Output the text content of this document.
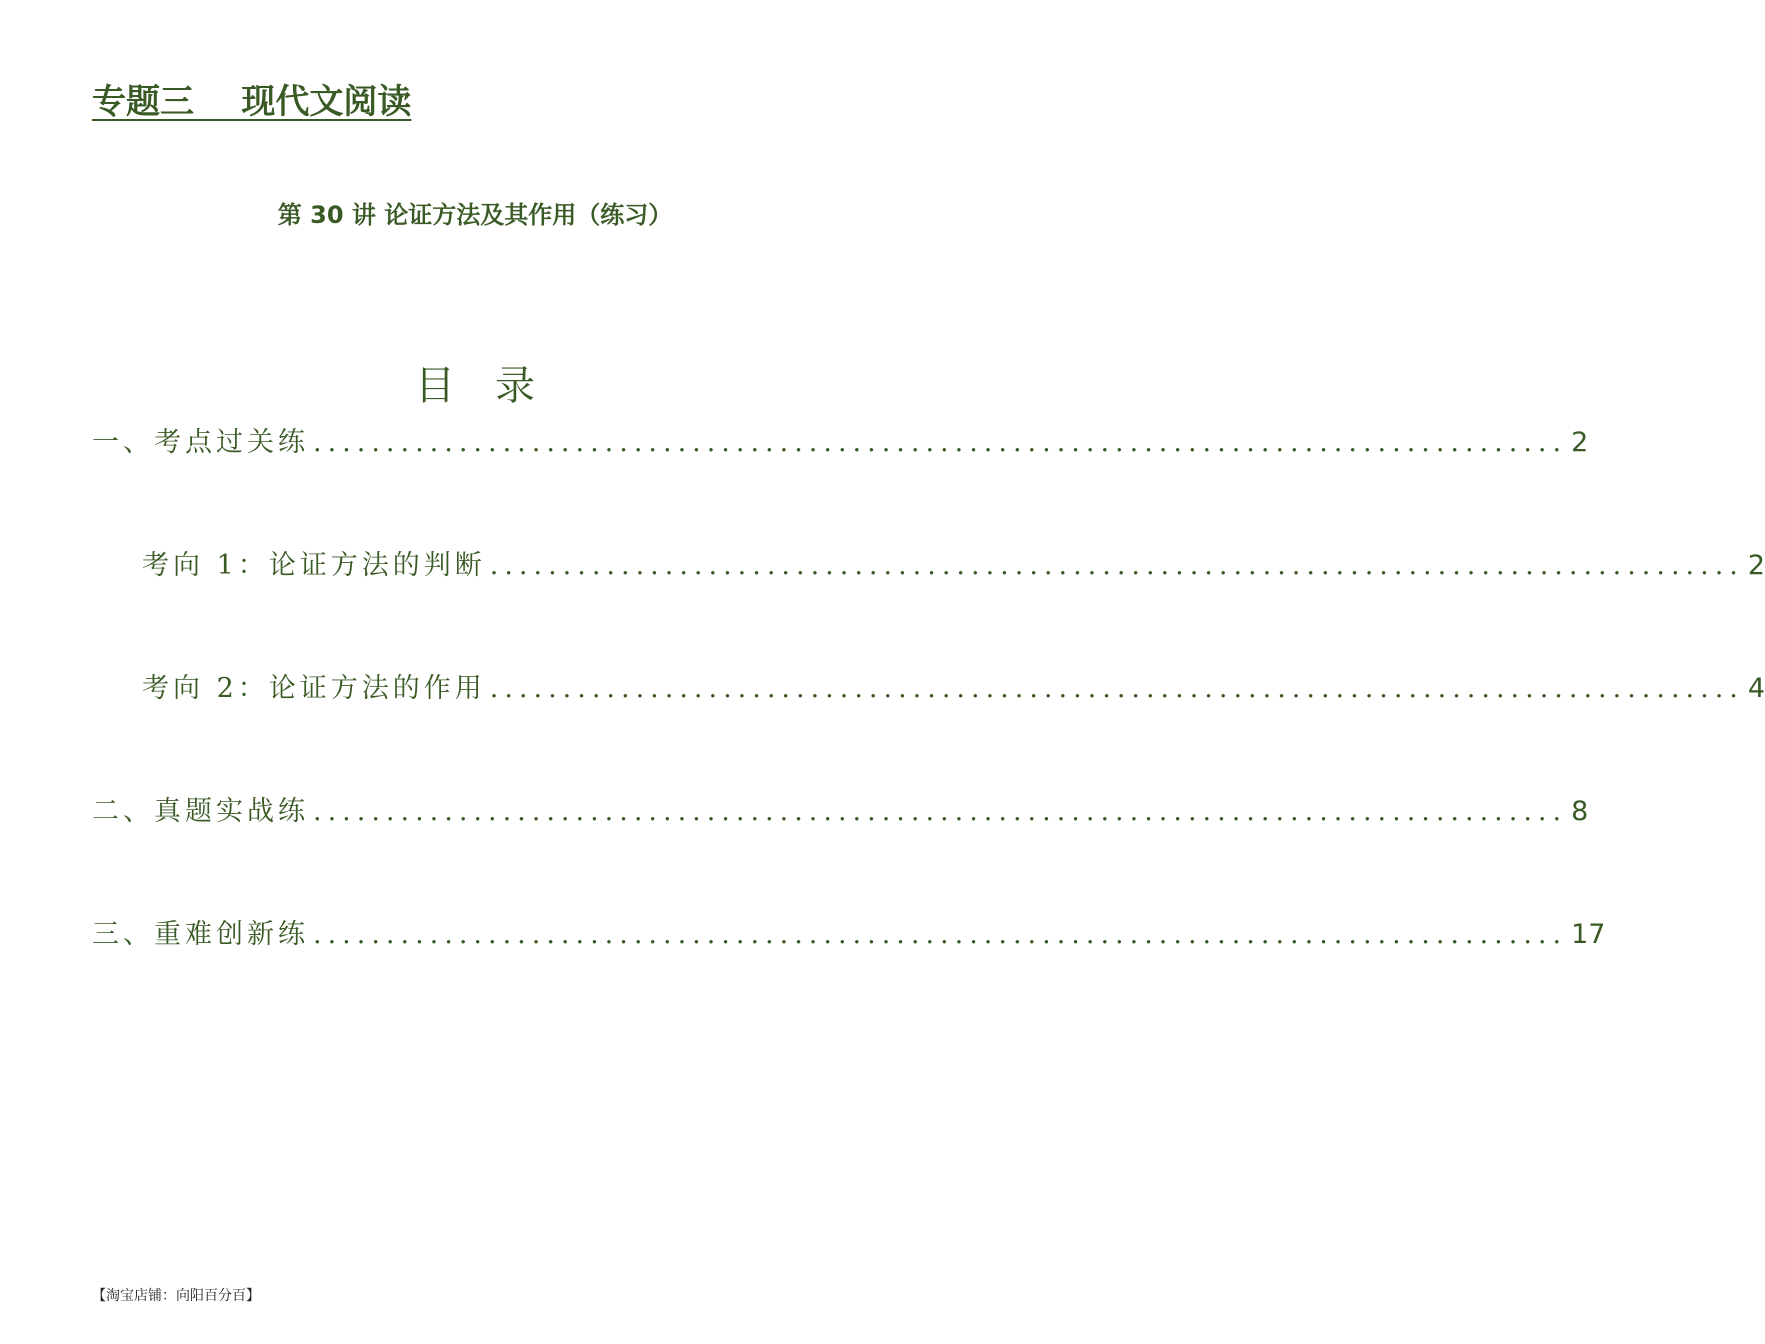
专题三    现代文阅读
第 30 讲 论证方法及其作用（练习）
目录
一、考点过关练 ...................................................................................... 2
考向 1：论证方法的判断 ...................................................................................... 2
考向 2：论证方法的作用 ...................................................................................... 4
二、真题实战练 ...................................................................................... 8
三、重难创新练 ...................................................................................... 17
【淘宝店铺：向阳百分百】
